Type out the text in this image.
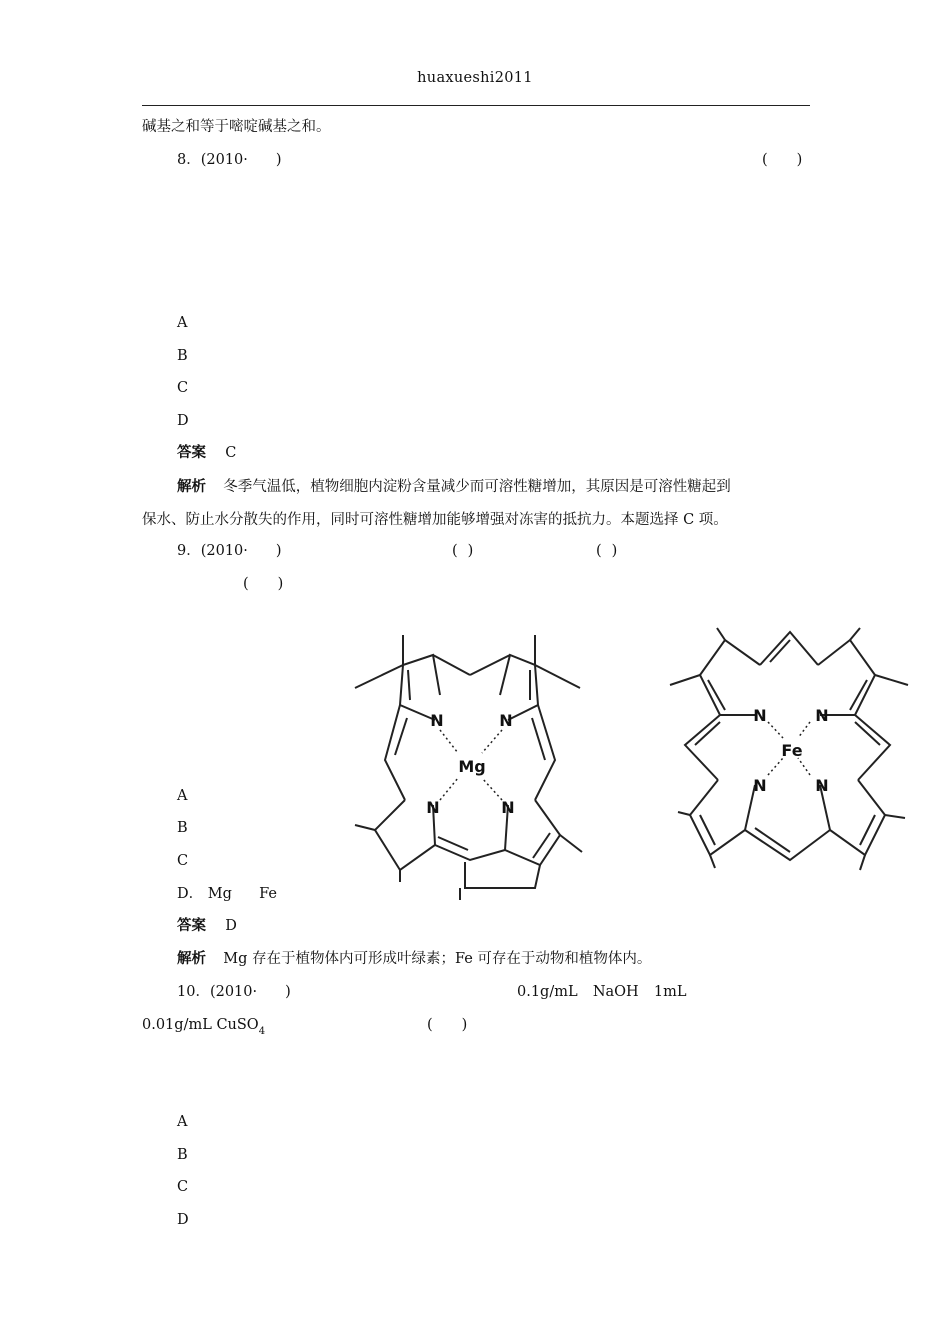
huaxueshi2011
碱基之和等于嘧啶碱基之和。
8．(2010· )	(　　)
A
B
C
D
答案 C
解析 冬季气温低，植物细胞内淀粉含量减少而可溶性糖增加，其原因是可溶性糖起到
保水、防止水分散失的作用，同时可溶性糖增加能够增强对冻害的抵抗力。本题选择 C 项。
9．(2010· )	( )	( )
(　　)
N	N
N	N
Mg
N	N
N	N
Fe
A
B
C
D． Mg Fe
答案 D
解析 Mg 存在于植物体内可形成叶绿素；Fe 可存在于动物和植物体内。
10．(2010· )	0.1g/mL NaOH 1mL
0.01g/mL CuSO$_4$	(　　)
A
B
C
D
